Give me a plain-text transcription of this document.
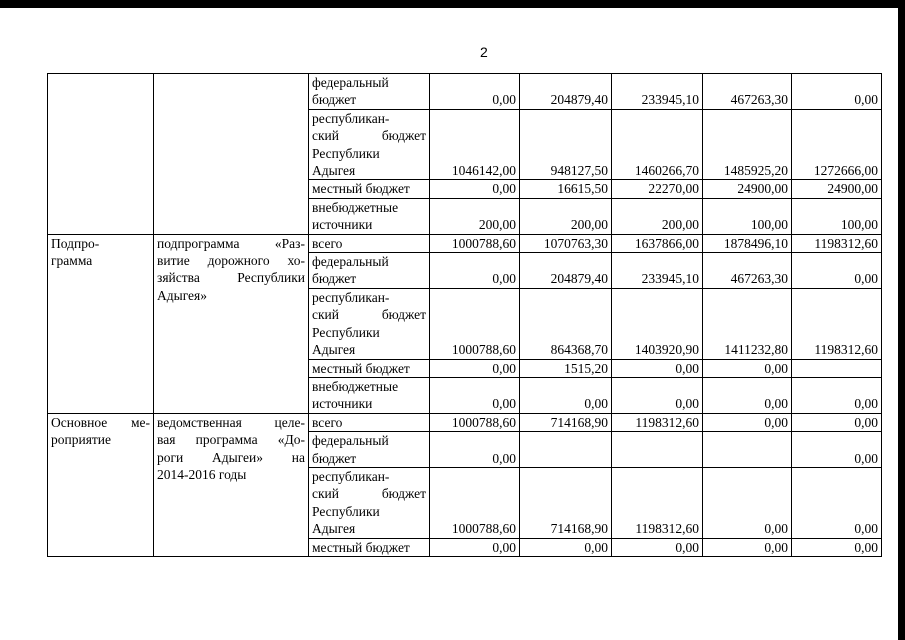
2

		федеральный
бюджет	0,00	204879,40	233945,10	467263,30	0,00

		республикан-
ский бюджет
Республики
Адыгея	1046142,00	948127,50	1460266,70	1485925,20	1272666,00

		местный бюджет	0,00	16615,50	22270,00	24900,00	24900,00

		внебюджетные
источники	200,00	200,00	200,00	100,00	100,00

Подпро-
грамма	подпрограмма «Раз-
витие дорожного хо-
зяйства Республики
Адыгея»	всего	1000788,60	1070763,30	1637866,00	1878496,10	1198312,60

		федеральный
бюджет	0,00	204879,40	233945,10	467263,30	0,00

		республикан-
ский бюджет
Республики
Адыгея	1000788,60	864368,70	1403920,90	1411232,80	1198312,60

		местный бюджет	0,00	1515,20	0,00	0,00	

		внебюджетные
источники	0,00	0,00	0,00	0,00	0,00

Основное ме-
роприятие	ведомственная целе-
вая программа «До-
роги Адыгеи» на
2014-2016 годы	всего	1000788,60	714168,90	1198312,60	0,00	0,00

		федеральный
бюджет	0,00				0,00

		республикан-
ский бюджет
Республики
Адыгея	1000788,60	714168,90	1198312,60	0,00	0,00

		местный бюджет	0,00	0,00	0,00	0,00	0,00
